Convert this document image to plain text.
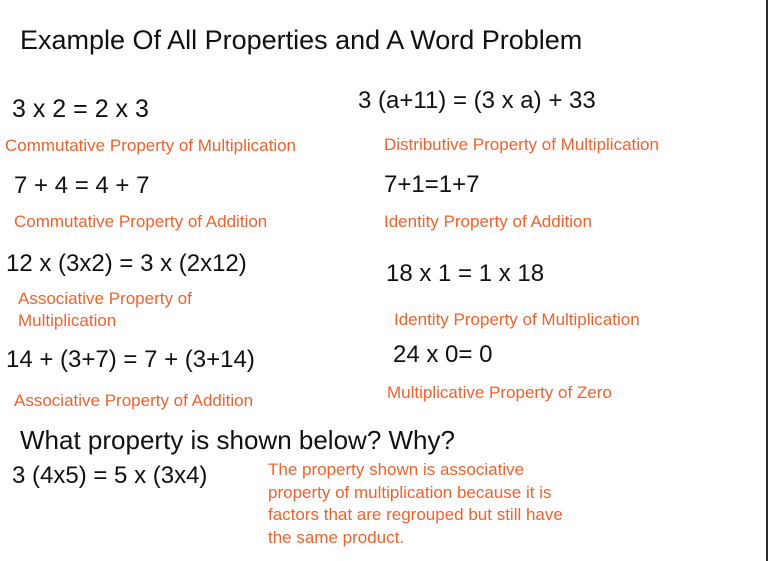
Example Of All Properties and A Word Problem
3 x 2 = 2 x 3
Commutative Property of Multiplication
7 + 4 = 4 + 7
Commutative Property of Addition
12 x (3x2) = 3 x (2x12)
Associative Property of
Multiplication
14 + (3+7) = 7 + (3+14)
Associative Property of Addition
3 (a+11) = (3 x a) + 33
Distributive Property of Multiplication
7+1=1+7
Identity Property of Addition
18 x 1 = 1 x 18
Identity Property of Multiplication
24 x 0= 0
Multiplicative Property of Zero
What property is shown below? Why?
3 (4x5) = 5 x (3x4)	The property shown is associative property of multiplication because it is factors that are regrouped but still have the same product.
